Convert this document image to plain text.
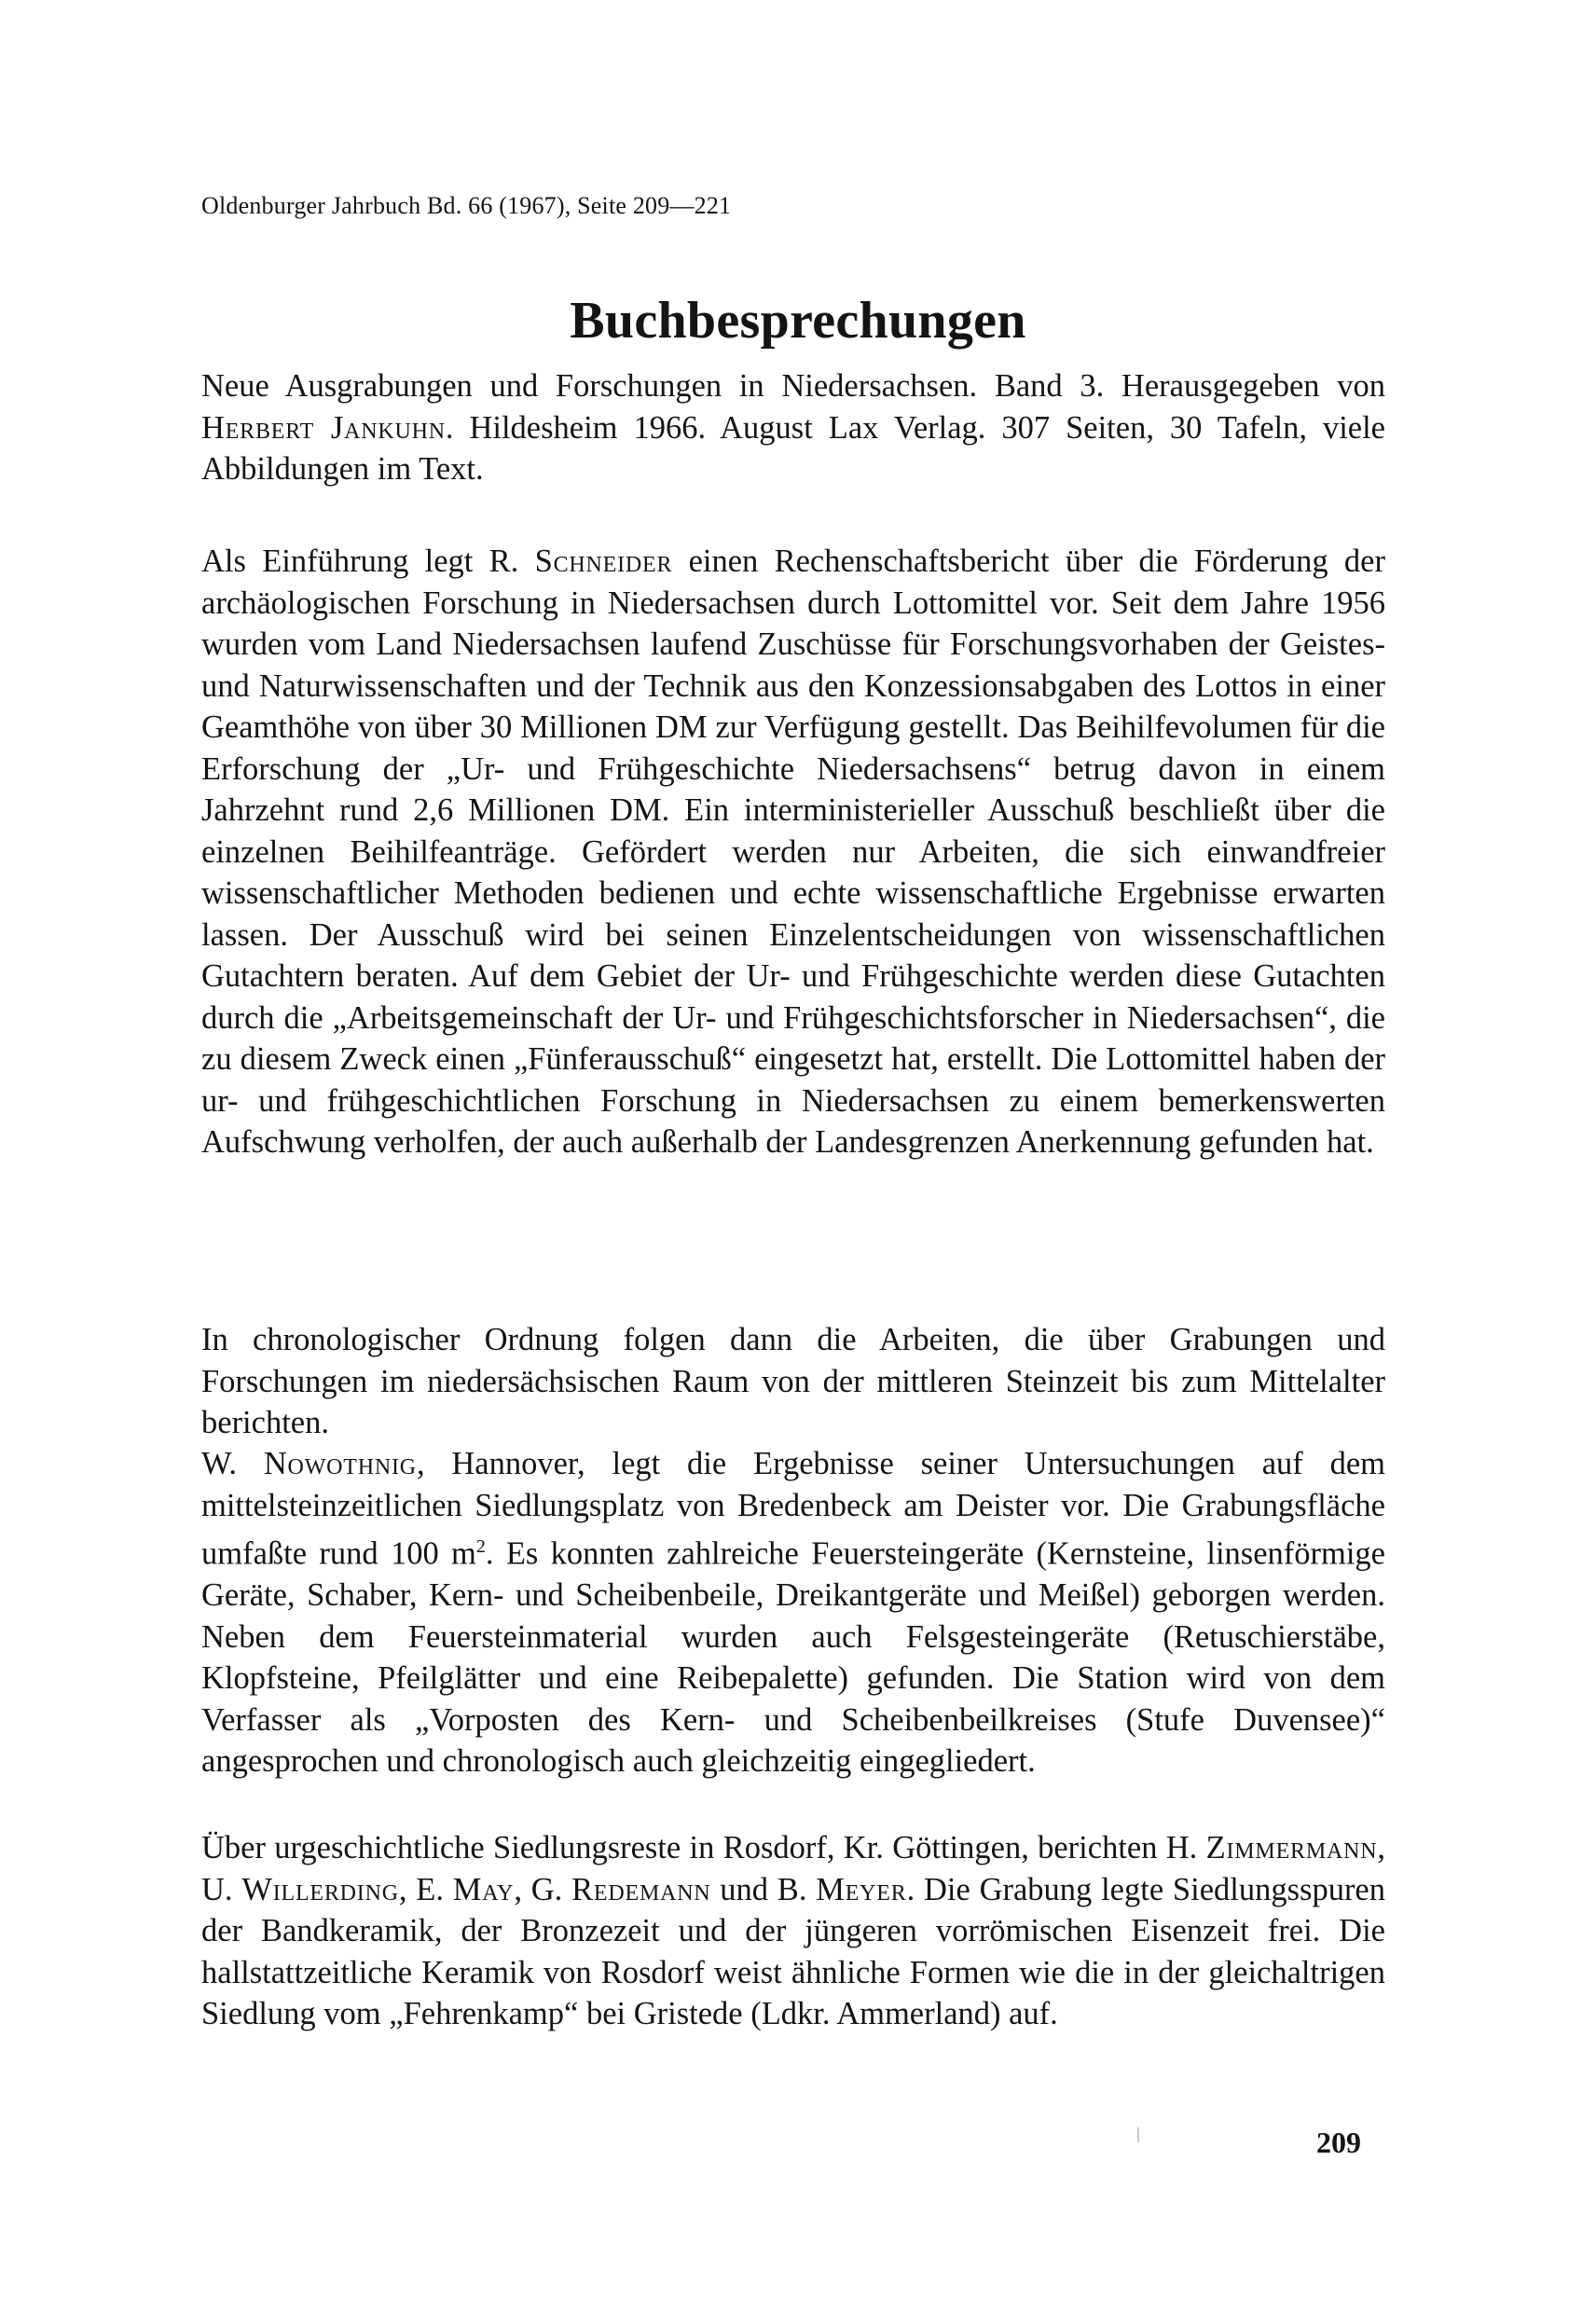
Oldenburger Jahrbuch Bd. 66 (1967), Seite 209—221
Buchbesprechungen

Neue Ausgrabungen und Forschungen in Niedersachsen. Band 3. Herausgegeben von Herbert Jankuhn. Hildesheim 1966. August Lax Verlag. 307 Seiten, 30 Tafeln, viele Abbildungen im Text.

Als Einführung legt R. Schneider einen Rechenschaftsbericht über die Förderung der archäologischen Forschung in Niedersachsen durch Lottomittel vor. Seit dem Jahre 1956 wurden vom Land Niedersachsen laufend Zuschüsse für Forschungsvorhaben der Geistes- und Naturwissenschaften und der Technik aus den Konzessionsabgaben des Lottos in einer Geamthöhe von über 30 Millionen DM zur Verfügung gestellt. Das Beihilfevolumen für die Erforschung der „Ur- und Frühgeschichte Niedersachsens“ betrug davon in einem Jahrzehnt rund 2,6 Millionen DM. Ein interministerieller Ausschuß beschließt über die einzelnen Beihilfeanträge. Gefördert werden nur Arbeiten, die sich einwandfreier wissenschaftlicher Methoden bedienen und echte wissenschaftliche Ergebnisse erwarten lassen. Der Ausschuß wird bei seinen Einzelentscheidungen von wissenschaftlichen Gutachtern beraten. Auf dem Gebiet der Ur- und Frühgeschichte werden diese Gutachten durch die „Arbeitsgemeinschaft der Ur- und Frühgeschichtsforscher in Niedersachsen“, die zu diesem Zweck einen „Fünferausschuß“ eingesetzt hat, erstellt. Die Lottomittel haben der ur- und frühgeschichtlichen Forschung in Niedersachsen zu einem bemerkenswerten Aufschwung verholfen, der auch außerhalb der Landesgrenzen Anerkennung gefunden hat.

In chronologischer Ordnung folgen dann die Arbeiten, die über Grabungen und Forschungen im niedersächsischen Raum von der mittleren Steinzeit bis zum Mittelalter berichten.

W. Nowothnig, Hannover, legt die Ergebnisse seiner Untersuchungen auf dem mittelsteinzeitlichen Siedlungsplatz von Bredenbeck am Deister vor. Die Grabungsfläche umfaßte rund 100 $m^2$. Es konnten zahlreiche Feuersteingeräte (Kernsteine, linsenförmige Geräte, Schaber, Kern- und Scheibenbeile, Dreikantgeräte und Meißel) geborgen werden. Neben dem Feuersteinmaterial wurden auch Felsgesteingeräte (Retuschierstäbe, Klopfsteine, Pfeilglätter und eine Reibepalette) gefunden. Die Station wird von dem Verfasser als „Vorposten des Kern- und Scheibenbeilkreises (Stufe Duvensee)“ angesprochen und chronologisch auch gleichzeitig eingegliedert.

Über urgeschichtliche Siedlungsreste in Rosdorf, Kr. Göttingen, berichten H. Zimmermann, U. Willerding, E. May, G. Redemann und B. Meyer. Die Grabung legte Siedlungsspuren der Bandkeramik, der Bronzezeit und der jüngeren vorrömischen Eisenzeit frei. Die hallstattzeitliche Keramik von Rosdorf weist ähnliche Formen wie die in der gleichaltrigen Siedlung vom „Fehrenkamp“ bei Gristede (Ldkr. Ammerland) auf.

209
